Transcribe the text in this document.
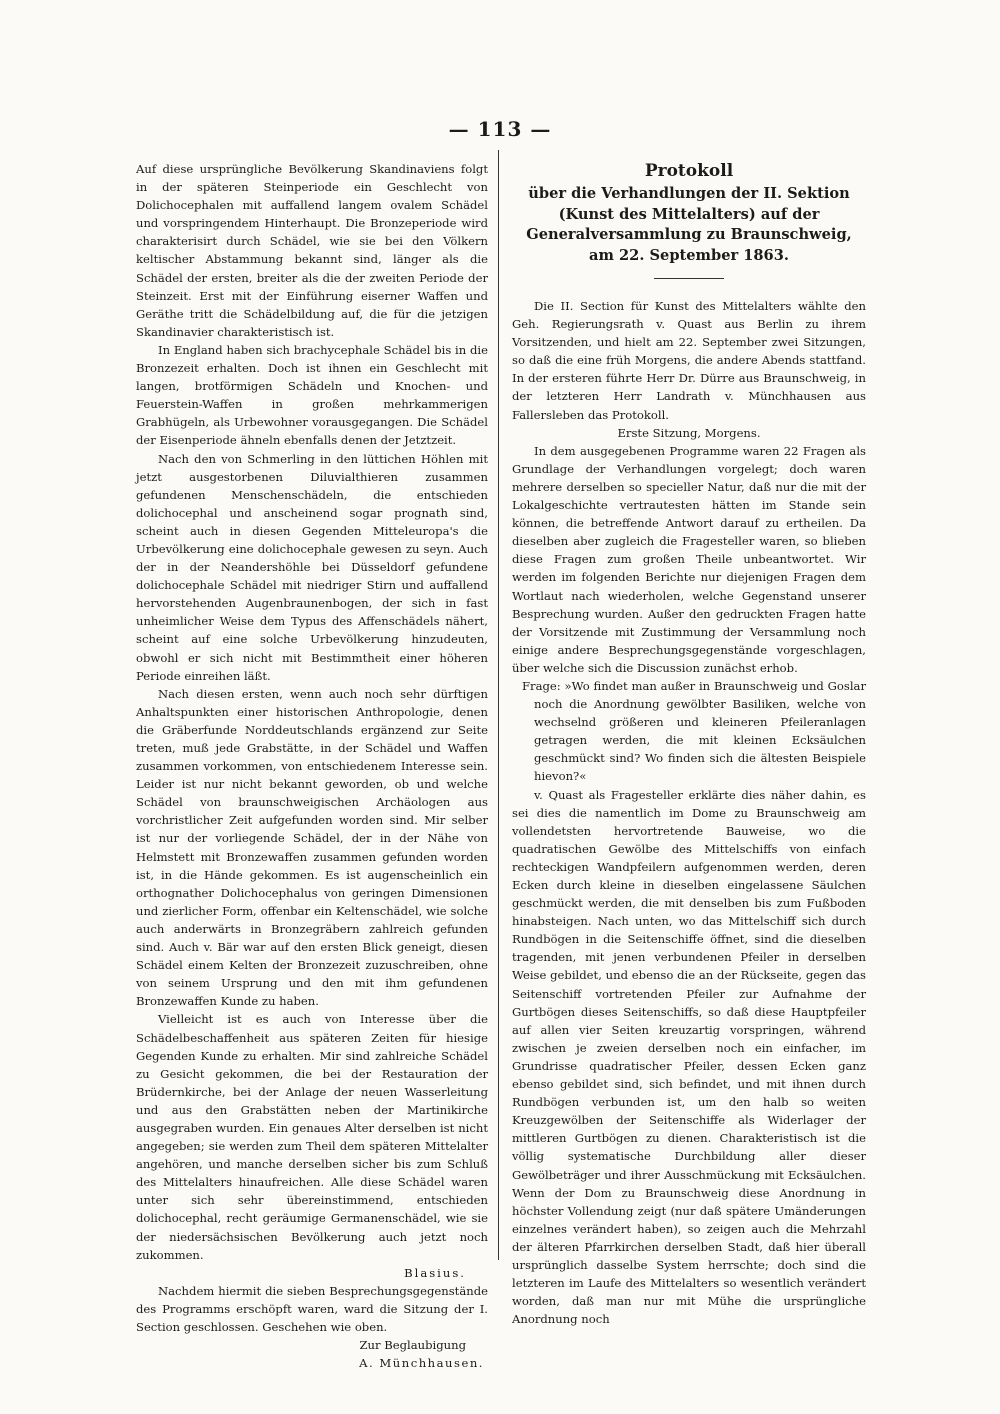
— 113 —

Auf diese ursprüngliche Bevölkerung Skandinaviens folgt in der späteren Steinperiode ein Geschlecht von Dolichocephalen mit auffallend langem ovalem Schädel und vorspringendem Hinterhaupt. Die Bronzeperiode wird charakterisirt durch Schädel, wie sie bei den Völkern keltischer Abstammung bekannt sind, länger als die Schädel der ersten, breiter als die der zweiten Periode der Steinzeit. Erst mit der Einführung eiserner Waffen und Geräthe tritt die Schädelbildung auf, die für die jetzigen Skandinavier charakteristisch ist.

In England haben sich brachycephale Schädel bis in die Bronzezeit erhalten. Doch ist ihnen ein Geschlecht mit langen, brotförmigen Schädeln und Knochen- und Feuerstein-Waffen in großen mehrkammerigen Grabhügeln, als Urbewohner vorausgegangen. Die Schädel der Eisenperiode ähneln ebenfalls denen der Jetztzeit.

Nach den von Schmerling in den lüttichen Höhlen mit jetzt ausgestorbenen Diluvialthieren zusammen gefundenen Menschenschädeln, die entschieden dolichocephal und anscheinend sogar prognath sind, scheint auch in diesen Gegenden Mitteleuropa's die Urbevölkerung eine dolichocephale gewesen zu seyn. Auch der in der Neandershöhle bei Düsseldorf gefundene dolichocephale Schädel mit niedriger Stirn und auffallend hervorstehenden Augenbraunenbogen, der sich in fast unheimlicher Weise dem Typus des Affenschädels nähert, scheint auf eine solche Urbevölkerung hinzudeuten, obwohl er sich nicht mit Bestimmtheit einer höheren Periode einreihen läßt.

Nach diesen ersten, wenn auch noch sehr dürftigen Anhaltspunkten einer historischen Anthropologie, denen die Gräberfunde Norddeutschlands ergänzend zur Seite treten, muß jede Grabstätte, in der Schädel und Waffen zusammen vorkommen, von entschiedenem Interesse sein. Leider ist nur nicht bekannt geworden, ob und welche Schädel von braunschweigischen Archäologen aus vorchristlicher Zeit aufgefunden worden sind. Mir selber ist nur der vorliegende Schädel, der in der Nähe von Helmstett mit Bronzewaffen zusammen gefunden worden ist, in die Hände gekommen. Es ist augenscheinlich ein orthognather Dolichocephalus von geringen Dimensionen und zierlicher Form, offenbar ein Keltenschädel, wie solche auch anderwärts in Bronzegräbern zahlreich gefunden sind. Auch v. Bär war auf den ersten Blick geneigt, diesen Schädel einem Kelten der Bronzezeit zuzuschreiben, ohne von seinem Ursprung und den mit ihm gefundenen Bronzewaffen Kunde zu haben.

Vielleicht ist es auch von Interesse über die Schädelbeschaffenheit aus späteren Zeiten für hiesige Gegenden Kunde zu erhalten. Mir sind zahlreiche Schädel zu Gesicht gekommen, die bei der Restauration der Brüdernkirche, bei der Anlage der neuen Wasserleitung und aus den Grabstätten neben der Martinikirche ausgegraben wurden. Ein genaues Alter derselben ist nicht angegeben; sie werden zum Theil dem späteren Mittelalter angehören, und manche derselben sicher bis zum Schluß des Mittelalters hinaufreichen. Alle diese Schädel waren unter sich sehr übereinstimmend, entschieden dolichocephal, recht geräumige Germanenschädel, wie sie der niedersächsischen Bevölkerung auch jetzt noch zukommen.

Blasius.

Nachdem hiermit die sieben Besprechungsgegenstände des Programms erschöpft waren, ward die Sitzung der I. Section geschlossen. Geschehen wie oben.

Zur Beglaubigung

A. Münchhausen.

Protokoll
über die Verhandlungen der II. Sektion (Kunst des Mittelalters) auf der Generalversammlung zu Braunschweig, am 22. September 1863.

Die II. Section für Kunst des Mittelalters wählte den Geh. Regierungsrath v. Quast aus Berlin zu ihrem Vorsitzenden, und hielt am 22. September zwei Sitzungen, so daß die eine früh Morgens, die andere Abends stattfand. In der ersteren führte Herr Dr. Dürre aus Braunschweig, in der letzteren Herr Landrath v. Münchhausen aus Fallersleben das Protokoll.

Erste Sitzung, Morgens.

In dem ausgegebenen Programme waren 22 Fragen als Grundlage der Verhandlungen vorgelegt; doch waren mehrere derselben so specieller Natur, daß nur die mit der Lokalgeschichte vertrautesten hätten im Stande sein können, die betreffende Antwort darauf zu ertheilen. Da dieselben aber zugleich die Fragesteller waren, so blieben diese Fragen zum großen Theile unbeantwortet. Wir werden im folgenden Berichte nur diejenigen Fragen dem Wortlaut nach wiederholen, welche Gegenstand unserer Besprechung wurden. Außer den gedruckten Fragen hatte der Vorsitzende mit Zustimmung der Versammlung noch einige andere Besprechungsgegenstände vorgeschlagen, über welche sich die Discussion zunächst erhob.

Frage: »Wo findet man außer in Braunschweig und Goslar noch die Anordnung gewölbter Basiliken, welche von wechselnd größeren und kleineren Pfeileranlagen getragen werden, die mit kleinen Ecksäulchen geschmückt sind? Wo finden sich die ältesten Beispiele hievon?«

v. Quast als Fragesteller erklärte dies näher dahin, es sei dies die namentlich im Dome zu Braunschweig am vollendetsten hervortretende Bauweise, wo die quadratischen Gewölbe des Mittelschiffs von einfach rechteckigen Wandpfeilern aufgenommen werden, deren Ecken durch kleine in dieselben eingelassene Säulchen geschmückt werden, die mit denselben bis zum Fußboden hinabsteigen. Nach unten, wo das Mittelschiff sich durch Rundbögen in die Seitenschiffe öffnet, sind die dieselben tragenden, mit jenen verbundenen Pfeiler in derselben Weise gebildet, und ebenso die an der Rückseite, gegen das Seitenschiff vortretenden Pfeiler zur Aufnahme der Gurtbögen dieses Seitenschiffs, so daß diese Hauptpfeiler auf allen vier Seiten kreuzartig vorspringen, während zwischen je zweien derselben noch ein einfacher, im Grundrisse quadratischer Pfeiler, dessen Ecken ganz ebenso gebildet sind, sich befindet, und mit ihnen durch Rundbögen verbunden ist, um den halb so weiten Kreuzgewölben der Seitenschiffe als Widerlager der mittleren Gurtbögen zu dienen. Charakteristisch ist die völlig systematische Durchbildung aller dieser Gewölbeträger und ihrer Ausschmückung mit Ecksäulchen. Wenn der Dom zu Braunschweig diese Anordnung in höchster Vollendung zeigt (nur daß spätere Umänderungen einzelnes verändert haben), so zeigen auch die Mehrzahl der älteren Pfarrkirchen derselben Stadt, daß hier überall ursprünglich dasselbe System herrschte; doch sind die letzteren im Laufe des Mittelalters so wesentlich verändert worden, daß man nur mit Mühe die ursprüngliche Anordnung noch
